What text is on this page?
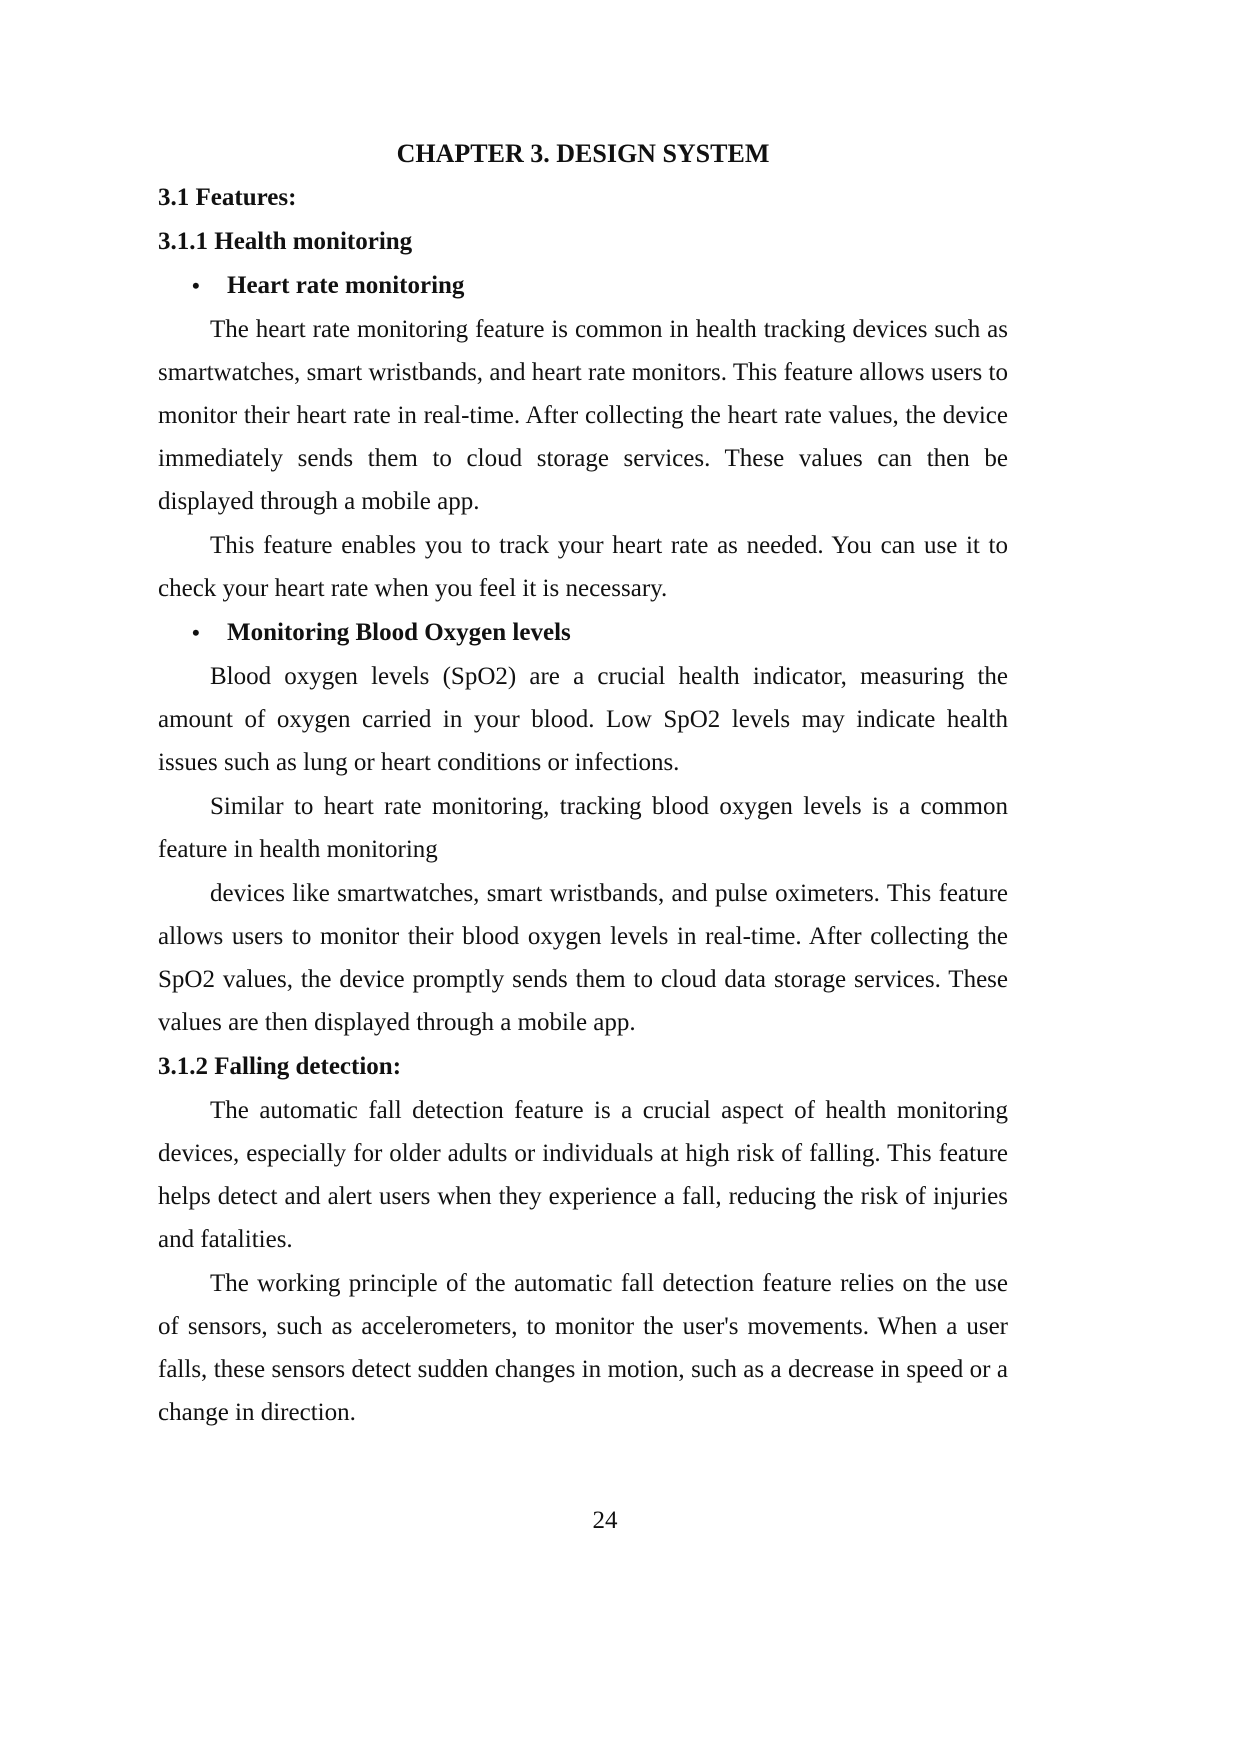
CHAPTER 3. DESIGN SYSTEM
3.1 Features:
3.1.1 Health monitoring
•	Heart rate monitoring

The heart rate monitoring feature is common in health tracking devices such as smartwatches, smart wristbands, and heart rate monitors. This feature allows users to monitor their heart rate in real-time. After collecting the heart rate values, the device immediately sends them to cloud storage services. These values can then be displayed through a mobile app.

This feature enables you to track your heart rate as needed. You can use it to check your heart rate when you feel it is necessary.

•	Monitoring Blood Oxygen levels

Blood oxygen levels (SpO2) are a crucial health indicator, measuring the amount of oxygen carried in your blood. Low SpO2 levels may indicate health issues such as lung or heart conditions or infections.

Similar to heart rate monitoring, tracking blood oxygen levels is a common feature in health monitoring

devices like smartwatches, smart wristbands, and pulse oximeters. This feature allows users to monitor their blood oxygen levels in real-time. After collecting the SpO2 values, the device promptly sends them to cloud data storage services. These values are then displayed through a mobile app.

3.1.2 Falling detection:

The automatic fall detection feature is a crucial aspect of health monitoring devices, especially for older adults or individuals at high risk of falling. This feature helps detect and alert users when they experience a fall, reducing the risk of injuries and fatalities.

The working principle of the automatic fall detection feature relies on the use of sensors, such as accelerometers, to monitor the user's movements. When a user falls, these sensors detect sudden changes in motion, such as a decrease in speed or a change in direction.

24
